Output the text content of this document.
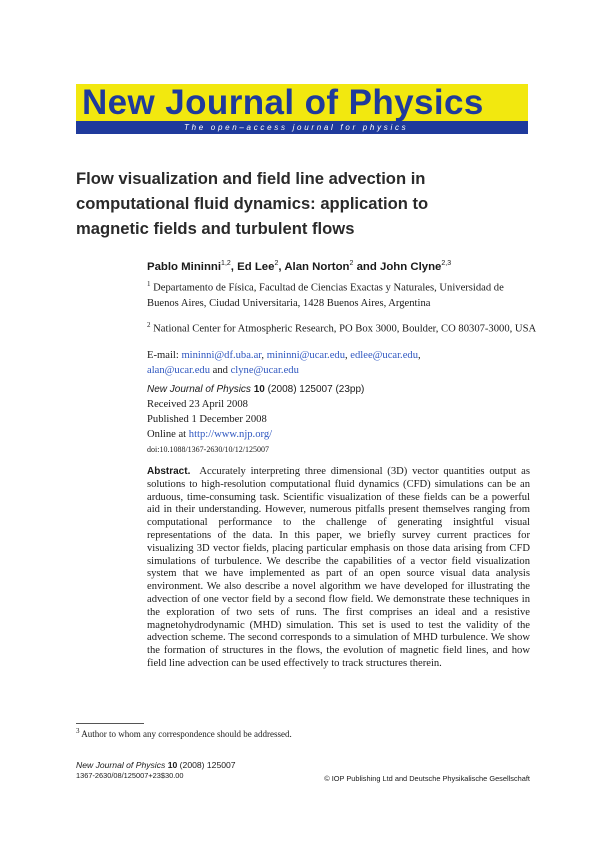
New Journal of Physics
The open–access journal for physics
Flow visualization and field line advection in computational fluid dynamics: application to magnetic fields and turbulent flows
Pablo Mininni$^{1,2}$, Ed Lee$^2$, Alan Norton$^2$ and John Clyne$^{2,3}$
$^1$ Departamento de Física, Facultad de Ciencias Exactas y Naturales, Universidad de Buenos Aires, Ciudad Universitaria, 1428 Buenos Aires, Argentina
$^2$ National Center for Atmospheric Research, PO Box 3000, Boulder, CO 80307-3000, USA
E-mail: mininni@df.uba.ar, mininni@ucar.edu, edlee@ucar.edu,
alan@ucar.edu and clyne@ucar.edu
New Journal of Physics 10 (2008) 125007 (23pp)
Received 23 April 2008
Published 1 December 2008
Online at http://www.njp.org/
doi:10.1088/1367-2630/10/12/125007
Abstract. Accurately interpreting three dimensional (3D) vector quantities output as solutions to high-resolution computational fluid dynamics (CFD) simulations can be an arduous, time-consuming task. Scientific visualization of these fields can be a powerful aid in their understanding. However, numerous pitfalls present themselves ranging from computational performance to the challenge of generating insightful visual representations of the data. In this paper, we briefly survey current practices for visualizing 3D vector fields, placing particular emphasis on those data arising from CFD simulations of turbulence. We describe the capabilities of a vector field visualization system that we have implemented as part of an open source visual data analysis environment. We also describe a novel algorithm we have developed for illustrating the advection of one vector field by a second flow field. We demonstrate these techniques in the exploration of two sets of runs. The first comprises an ideal and a resistive magnetohydrodynamic (MHD) simulation. This set is used to test the validity of the advection scheme. The second corresponds to a simulation of MHD turbulence. We show the formation of structures in the flows, the evolution of magnetic field lines, and how field line advection can be used effectively to track structures therein.
$^3$ Author to whom any correspondence should be addressed.
New Journal of Physics 10 (2008) 125007
1367-2630/08/125007+23$30.00	© IOP Publishing Ltd and Deutsche Physikalische Gesellschaft
